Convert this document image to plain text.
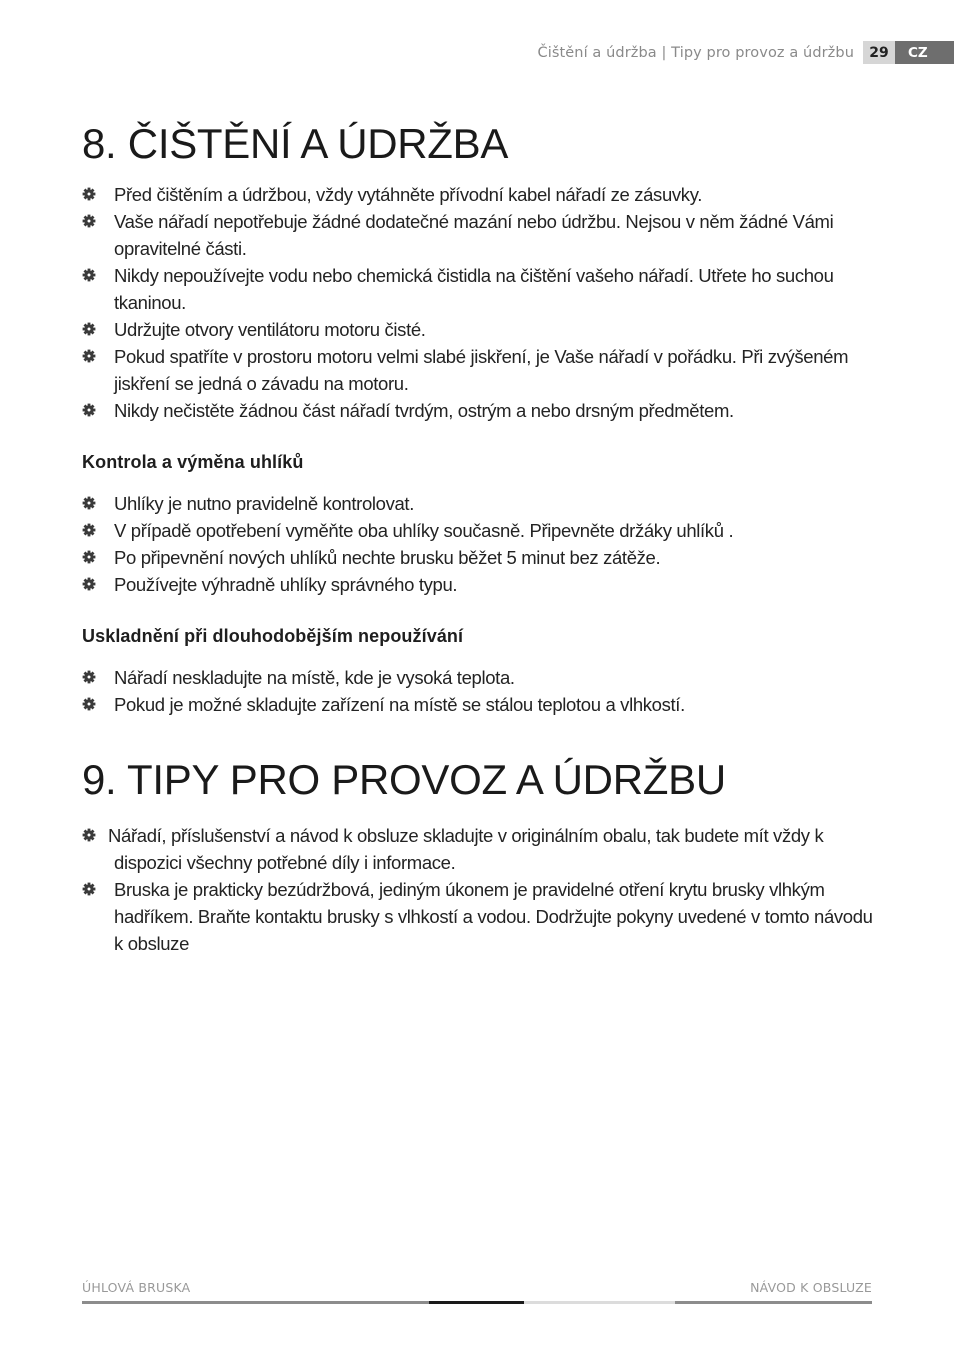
Čištění a údržba | Tipy pro provoz a údržbu	29	CZ
8. ČIŠTĚNÍ A ÚDRŽBA
Před čištěním a údržbou, vždy vytáhněte přívodní kabel nářadí ze zásuvky.
Vaše nářadí nepotřebuje žádné dodatečné mazání nebo údržbu. Nejsou v něm žádné Vámi opravitelné části.
Nikdy nepoužívejte vodu nebo chemická čistidla na čištění vašeho nářadí. Utřete ho suchou tkaninou.
Udržujte otvory ventilátoru motoru čisté.
Pokud spatříte v prostoru motoru velmi slabé jiskření, je Vaše nářadí v pořádku. Při zvýšeném jiskření se jedná o závadu na motoru.
Nikdy nečistěte žádnou část nářadí tvrdým, ostrým a nebo drsným předmětem.
Kontrola a výměna uhlíků
Uhlíky je nutno pravidelně kontrolovat.
V případě opotřebení vyměňte oba uhlíky současně. Připevněte držáky uhlíků .
Po připevnění nových uhlíků nechte brusku běžet 5 minut bez zátěže.
Používejte výhradně uhlíky správného typu.
Uskladnění při dlouhodobějším nepoužívání
Nářadí neskladujte na místě, kde je vysoká teplota.
Pokud je možné skladujte zařízení na místě se stálou teplotou a vlhkostí.
9. TIPY PRO PROVOZ A ÚDRŽBU
Nářadí, příslušenství a návod k obsluze skladujte v originálním obalu, tak budete mít vždy k dispozici všechny potřebné díly i informace.
Bruska je prakticky bezúdržbová, jediným úkonem je pravidelné otření krytu brusky vlhkým hadříkem. Braňte kontaktu brusky s vlhkostí a vodou. Dodržujte pokyny uvedené v tomto návodu k obsluze
ÚHLOVÁ BRUSKA	NÁVOD K OBSLUZE
